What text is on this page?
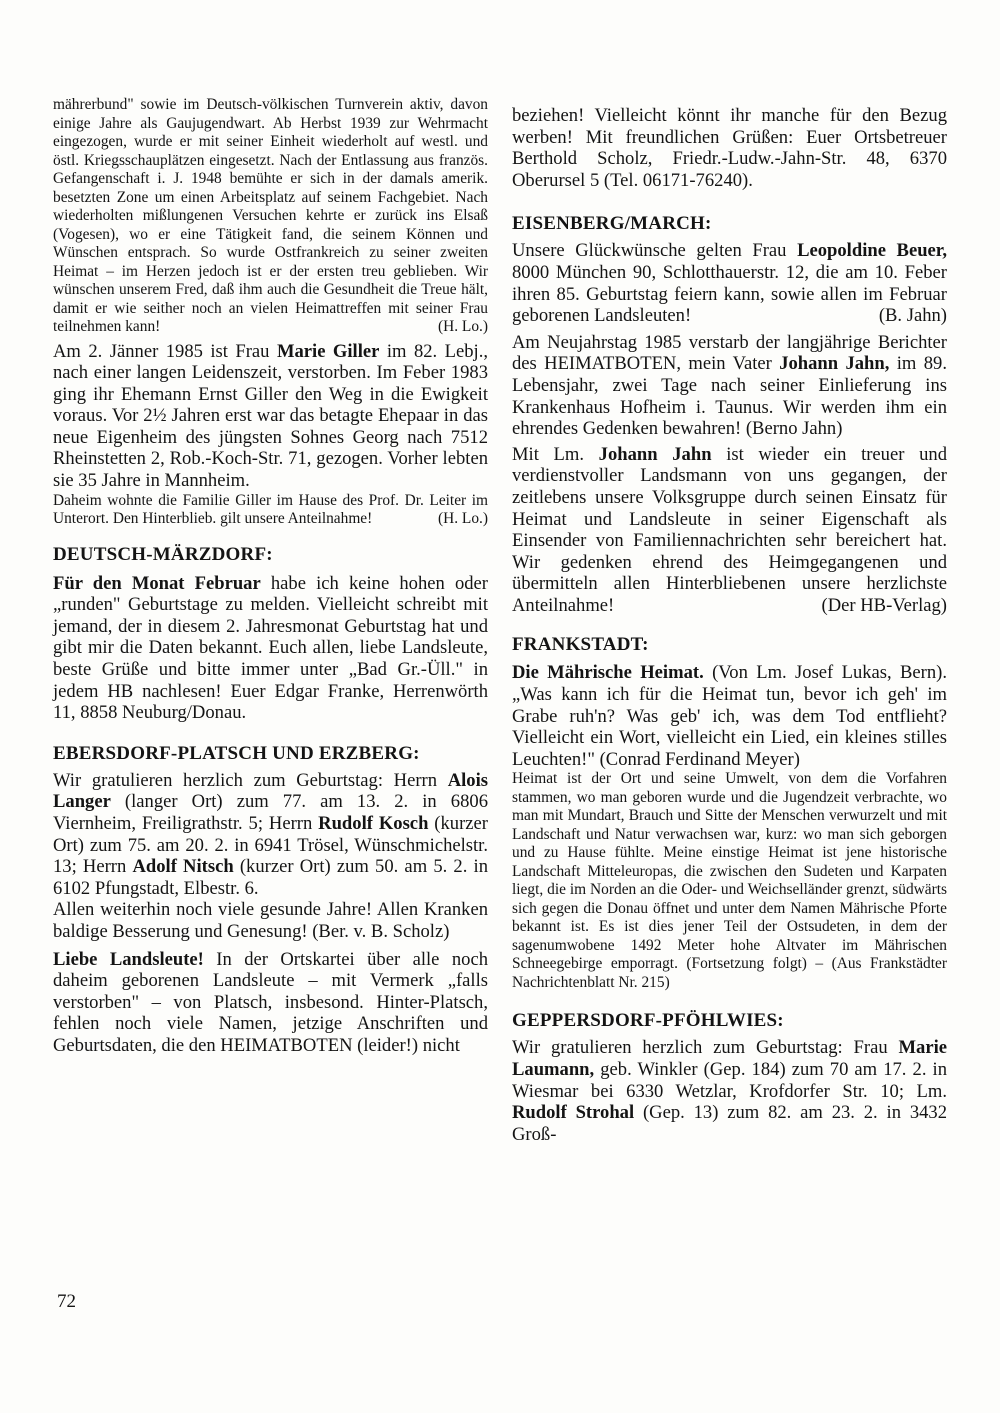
mährerbund" sowie im Deutsch-völkischen Turnverein aktiv, davon einige Jahre als Gaujugendwart. Ab Herbst 1939 zur Wehrmacht eingezogen, wurde er mit seiner Einheit wiederholt auf westl. und östl. Kriegsschauplätzen eingesetzt. Nach der Entlassung aus französ. Gefangenschaft i. J. 1948 bemühte er sich in der damals amerik. besetzten Zone um einen Arbeitsplatz auf seinem Fachgebiet. Nach wiederholten mißlungenen Versuchen kehrte er zurück ins Elsaß (Vogesen), wo er eine Tätigkeit fand, die seinem Können und Wünschen entsprach. So wurde Ostfrankreich zu seiner zweiten Heimat – im Herzen jedoch ist er der ersten treu geblieben. Wir wünschen unserem Fred, daß ihm auch die Gesundheit die Treue hält, damit er wie seither noch an vielen Heimattreffen mit seiner Frau teilnehmen kann!	(H. Lo.)

Am 2. Jänner 1985 ist Frau Marie Giller im 82. Lebj., nach einer langen Leidenszeit, verstorben. Im Feber 1983 ging ihr Ehemann Ernst Giller den Weg in die Ewigkeit voraus. Vor 2½ Jahren erst war das betagte Ehepaar in das neue Eigenheim des jüngsten Sohnes Georg nach 7512 Rheinstetten 2, Rob.-Koch-Str. 71, gezogen. Vorher lebten sie 35 Jahre in Mannheim.

Daheim wohnte die Familie Giller im Hause des Prof. Dr. Leiter im Unterort. Den Hinterblieb. gilt unsere Anteilnahme!	(H. Lo.)

DEUTSCH-MÄRZDORF:

Für den Monat Februar habe ich keine hohen oder „runden" Geburtstage zu melden. Vielleicht schreibt mit jemand, der in diesem 2. Jahresmonat Geburtstag hat und gibt mir die Daten bekannt. Euch allen, liebe Landsleute, beste Grüße und bitte immer unter „Bad Gr.-Üll." in jedem HB nachlesen! Euer Edgar Franke, Herrenwörth 11, 8858 Neuburg/Donau.

EBERSDORF-PLATSCH UND ERZBERG:

Wir gratulieren herzlich zum Geburtstag: Herrn Alois Langer (langer Ort) zum 77. am 13. 2. in 6806 Viernheim, Freiligrathstr. 5; Herrn Rudolf Kosch (kurzer Ort) zum 75. am 20. 2. in 6941 Trösel, Wünschmichelstr. 13; Herrn Adolf Nitsch (kurzer Ort) zum 50. am 5. 2. in 6102 Pfungstadt, Elbestr. 6.

Allen weiterhin noch viele gesunde Jahre! Allen Kranken baldige Besserung und Genesung! (Ber. v. B. Scholz)

Liebe Landsleute! In der Ortskartei über alle noch daheim geborenen Landsleute – mit Vermerk „falls verstorben" – von Platsch, insbesond. Hinter-Platsch, fehlen noch viele Namen, jetzige Anschriften und Geburtsdaten, die den HEIMATBOTEN (leider!) nicht

beziehen! Vielleicht könnt ihr manche für den Bezug werben! Mit freundlichen Grüßen: Euer Ortsbetreuer Berthold Scholz, Friedr.-Ludw.-Jahn-Str. 48, 6370 Oberursel 5 (Tel. 06171-76240).

EISENBERG/MARCH:

Unsere Glückwünsche gelten Frau Leopoldine Beuer, 8000 München 90, Schlotthauerstr. 12, die am 10. Feber ihren 85. Geburtstag feiern kann, sowie allen im Februar geborenen Landsleuten!	(B. Jahn)

Am Neujahrstag 1985 verstarb der langjährige Berichter des HEIMATBOTEN, mein Vater Johann Jahn, im 89. Lebensjahr, zwei Tage nach seiner Einlieferung ins Krankenhaus Hofheim i. Taunus. Wir werden ihm ein ehrendes Gedenken bewahren! (Berno Jahn)

Mit Lm. Johann Jahn ist wieder ein treuer und verdienstvoller Landsmann von uns gegangen, der zeitlebens unsere Volksgruppe durch seinen Einsatz für Heimat und Landsleute in seiner Eigenschaft als Einsender von Familiennachrichten sehr bereichert hat. Wir gedenken ehrend des Heimgegangenen und übermitteln allen Hinterbliebenen unsere herzlichste Anteilnahme!	(Der HB-Verlag)

FRANKSTADT:

Die Mährische Heimat. (Von Lm. Josef Lukas, Bern). „Was kann ich für die Heimat tun, bevor ich geh' im Grabe ruh'n? Was geb' ich, was dem Tod entflieht? Vielleicht ein Wort, vielleicht ein Lied, ein kleines stilles Leuchten!" (Conrad Ferdinand Meyer)

Heimat ist der Ort und seine Umwelt, von dem die Vorfahren stammen, wo man geboren wurde und die Jugendzeit verbrachte, wo man mit Mundart, Brauch und Sitte der Menschen verwurzelt und mit Landschaft und Natur verwachsen war, kurz: wo man sich geborgen und zu Hause fühlte. Meine einstige Heimat ist jene historische Landschaft Mitteleuropas, die zwischen den Sudeten und Karpaten liegt, die im Norden an die Oder- und Weichselländer grenzt, südwärts sich gegen die Donau öffnet und unter dem Namen Mährische Pforte bekannt ist. Es ist dies jener Teil der Ostsudeten, in dem der sagenumwobene 1492 Meter hohe Altvater im Mährischen Schneegebirge emporragt. (Fortsetzung folgt) – (Aus Frankstädter Nachrichtenblatt Nr. 215)

GEPPERSDORF-PFÖHLWIES:

Wir gratulieren herzlich zum Geburtstag: Frau Marie Laumann, geb. Winkler (Gep. 184) zum 70 am 17. 2. in Wiesmar bei 6330 Wetzlar, Krofdorfer Str. 10; Lm. Rudolf Strohal (Gep. 13) zum 82. am 23. 2. in 3432 Groß-

72
